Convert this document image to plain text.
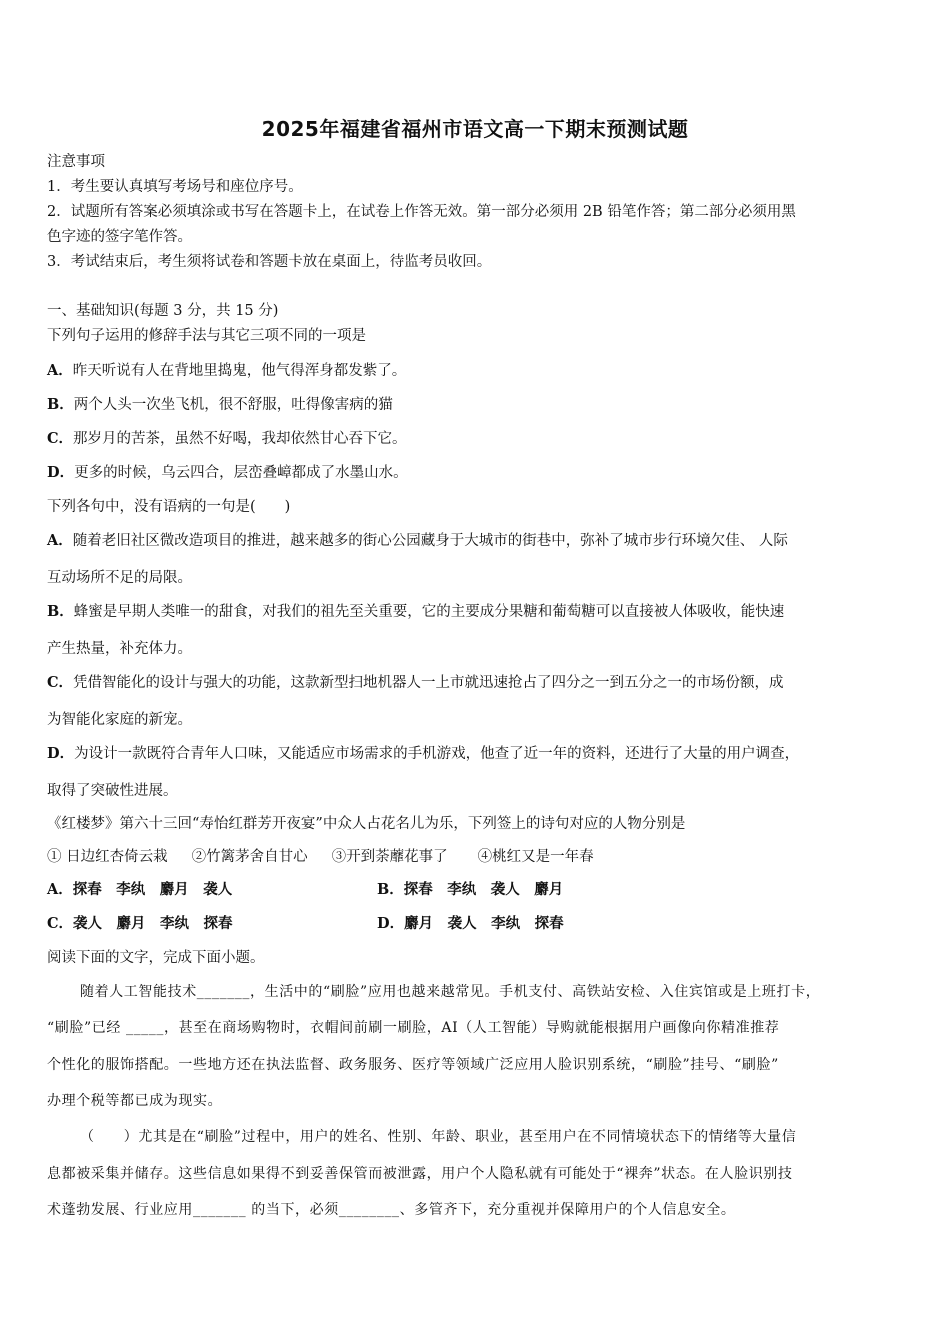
2025年福建省福州市语文高一下期末预测试题
注意事项
1．考生要认真填写考场号和座位序号。
2．试题所有答案必须填涂或书写在答题卡上，在试卷上作答无效。第一部分必须用 2B 铅笔作答；第二部分必须用黑
色字迹的签字笔作答。
3．考试结束后，考生须将试卷和答题卡放在桌面上，待监考员收回。
一、基础知识(每题 3 分，共 15 分)
下列句子运用的修辞手法与其它三项不同的一项是
A．昨天听说有人在背地里捣鬼，他气得浑身都发紫了。
B．两个人头一次坐飞机，很不舒服，吐得像害病的猫
C．那岁月的苦茶，虽然不好喝，我却依然甘心吞下它。
D．更多的时候，乌云四合，层峦叠嶂都成了水墨山水。
下列各句中，没有语病的一句是(　　)
A．随着老旧社区微改造项目的推进，越来越多的街心公园藏身于大城市的街巷中，弥补了城市步行环境欠佳、 人际
互动场所不足的局限。
B．蜂蜜是早期人类唯一的甜食，对我们的祖先至关重要，它的主要成分果糖和葡萄糖可以直接被人体吸收，能快速
产生热量，补充体力。
C．凭借智能化的设计与强大的功能，这款新型扫地机器人一上市就迅速抢占了四分之一到五分之一的市场份额，成
为智能化家庭的新宠。
D．为设计一款既符合青年人口味，又能适应市场需求的手机游戏，他查了近一年的资料，还进行了大量的用户调查，
取得了突破性进展。
《红楼梦》第六十三回“寿怡红群芳开夜宴”中众人占花名儿为乐，下列签上的诗句对应的人物分别是
① 日边红杏倚云栽 ②竹篱茅舍自甘心 ③开到荼蘼花事了 ④桃红又是一年春
A．探春　李纨　麝月　袭人	B．探春　李纨　袭人　麝月
C．袭人　麝月　李纨　探春	D．麝月　袭人　李纨　探春
阅读下面的文字，完成下面小题。
随着人工智能技术_______，生活中的“刷脸”应用也越来越常见。手机支付、高铁站安检、入住宾馆或是上班打卡，
“刷脸”已经 _____，甚至在商场购物时，衣帽间前刷一刷脸，AI（人工智能）导购就能根据用户画像向你精准推荐
个性化的服饰搭配。一些地方还在执法监督、政务服务、医疗等领域广泛应用人脸识别系统，“刷脸”挂号、“刷脸”
办理个税等都已成为现实。
（　　）尤其是在“刷脸”过程中，用户的姓名、性别、年龄、职业，甚至用户在不同情境状态下的情绪等大量信
息都被采集并储存。这些信息如果得不到妥善保管而被泄露，用户个人隐私就有可能处于“裸奔”状态。在人脸识别技
术蓬勃发展、行业应用_______ 的当下，必须________、多管齐下，充分重视并保障用户的个人信息安全。
